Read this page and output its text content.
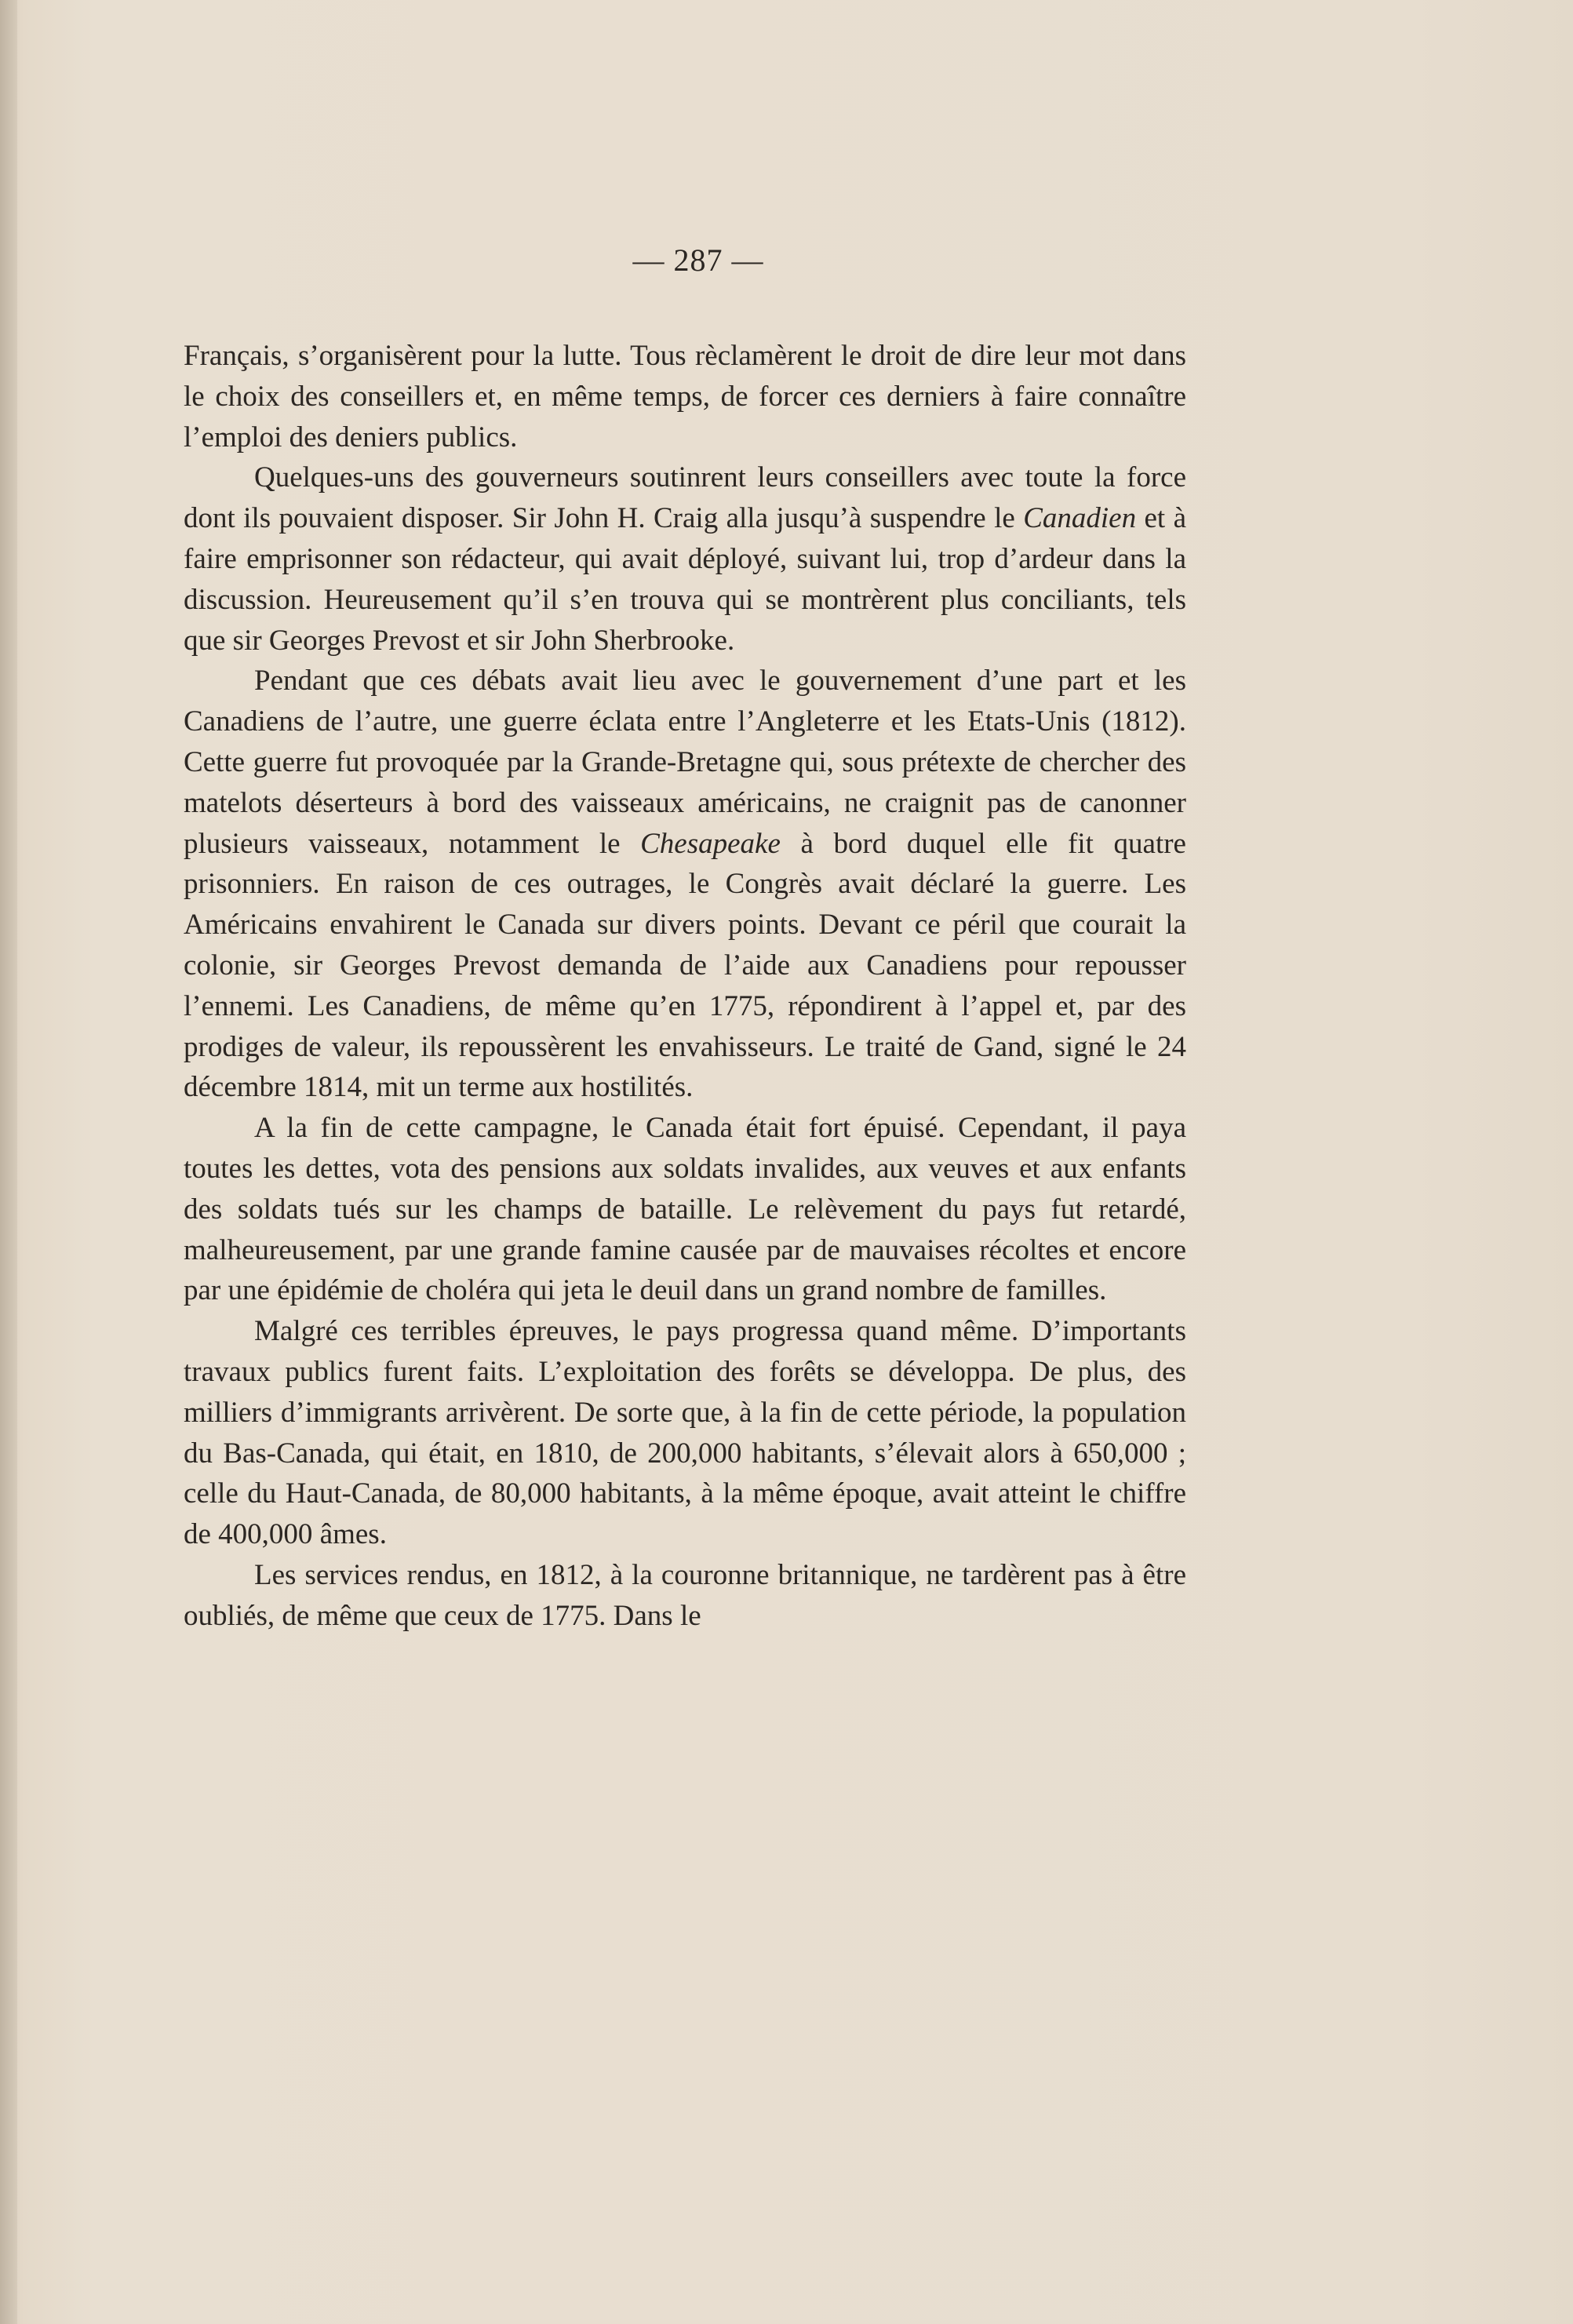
— 287 —

Français, s’organisèrent pour la lutte. Tous rèclamèrent le droit de dire leur mot dans le choix des conseillers et, en même temps, de forcer ces derniers à faire connaître l’emploi des deniers publics.

Quelques-uns des gouverneurs soutinrent leurs conseillers avec toute la force dont ils pouvaient disposer. Sir John H. Craig alla jusqu’à suspendre le Canadien et à faire emprisonner son rédacteur, qui avait déployé, suivant lui, trop d’ardeur dans la discussion. Heureusement qu’il s’en trouva qui se montrèrent plus conciliants, tels que sir Georges Prevost et sir John Sherbrooke.

Pendant que ces débats avait lieu avec le gouvernement d’une part et les Canadiens de l’autre, une guerre éclata entre l’Angleterre et les Etats-Unis (1812). Cette guerre fut provoquée par la Grande-Bretagne qui, sous prétexte de chercher des matelots déserteurs à bord des vaisseaux américains, ne craignit pas de canonner plusieurs vaisseaux, notamment le Chesapeake à bord duquel elle fit quatre prisonniers. En raison de ces outrages, le Congrès avait déclaré la guerre. Les Américains envahirent le Canada sur divers points. Devant ce péril que courait la colonie, sir Georges Prevost demanda de l’aide aux Canadiens pour repousser l’ennemi. Les Canadiens, de même qu’en 1775, répondirent à l’appel et, par des prodiges de valeur, ils repoussèrent les envahisseurs. Le traité de Gand, signé le 24 décembre 1814, mit un terme aux hostilités.

A la fin de cette campagne, le Canada était fort épuisé. Cependant, il paya toutes les dettes, vota des pensions aux soldats invalides, aux veuves et aux enfants des soldats tués sur les champs de bataille. Le relèvement du pays fut retardé, malheureusement, par une grande famine causée par de mauvaises récoltes et encore par une épidémie de choléra qui jeta le deuil dans un grand nombre de familles.

Malgré ces terribles épreuves, le pays progressa quand même. D’importants travaux publics furent faits. L’exploitation des forêts se développa. De plus, des milliers d’immigrants arrivèrent. De sorte que, à la fin de cette période, la population du Bas-Canada, qui était, en 1810, de 200,000 habitants, s’élevait alors à 650,000 ; celle du Haut-Canada, de 80,000 habitants, à la même époque, avait atteint le chiffre de 400,000 âmes.

Les services rendus, en 1812, à la couronne britannique, ne tardèrent pas à être oubliés, de même que ceux de 1775. Dans le
